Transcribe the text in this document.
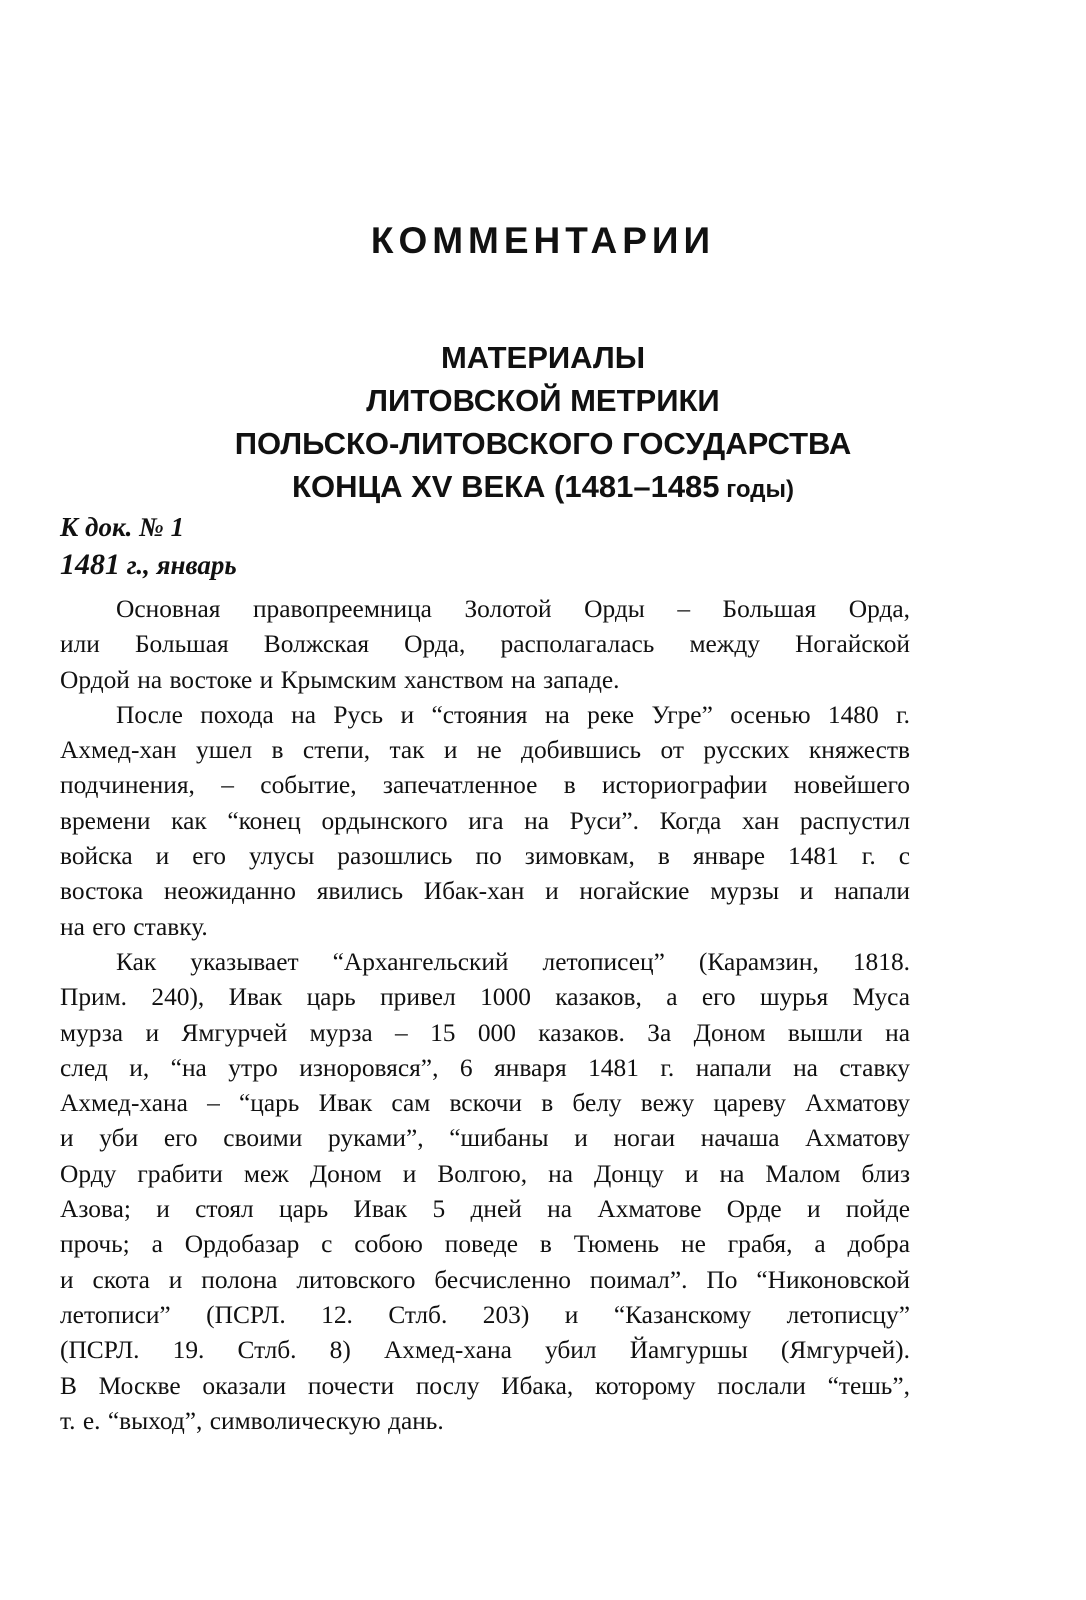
КОММЕНТАРИИ
МАТЕРИАЛЫ
ЛИТОВСКОЙ МЕТРИКИ
ПОЛЬСКО-ЛИТОВСКОГО ГОСУДАРСТВА
КОНЦА XV ВЕКА (1481–1485 годы)
К док. № 1
1481 г., январь

Основная правопреемница Золотой Орды – Большая Орда,
или Большая Волжская Орда, располагалась между Ногайской
Ордой на востоке и Крымским ханством на западе.

После похода на Русь и “стояния на реке Угре” осенью 1480 г.
Ахмед-хан ушел в степи, так и не добившись от русских княжеств
подчинения, – событие, запечатленное в историографии новейшего
времени как “конец ордынского ига на Руси”. Когда хан распустил
войска и его улусы разошлись по зимовкам, в январе 1481 г. с
востока неожиданно явились Ибак-хан и ногайские мурзы и напали
на его ставку.

Как указывает “Архангельский летописец” (Карамзин, 1818.
Прим. 240), Ивак царь привел 1000 казаков, а его шурья Муса
мурза и Ямгурчей мурза – 15 000 казаков. За Доном вышли на
след и, “на утро изноровяся”, 6 января 1481 г. напали на ставку
Ахмед-хана – “царь Ивак сам вскочи в белу вежу цареву Ахматову
и уби его своими руками”, “шибаны и ногаи начаша Ахматову
Орду грабити меж Доном и Волгою, на Донцу и на Малом близ
Азова; и стоял царь Ивак 5 дней на Ахматове Орде и пойде
прочь; а Ордобазар с собою поведе в Тюмень не грабя, а добра
и скота и полона литовского бесчисленно поимал”. По “Никоновской
летописи” (ПСРЛ. 12. Стлб. 203) и “Казанскому летописцу”
(ПСРЛ. 19. Стлб. 8) Ахмед-хана убил Йамгуршы (Ямгурчей).
В Москве оказали почести послу Ибака, которому послали “тешь”,
т. е. “выход”, символическую дань.
